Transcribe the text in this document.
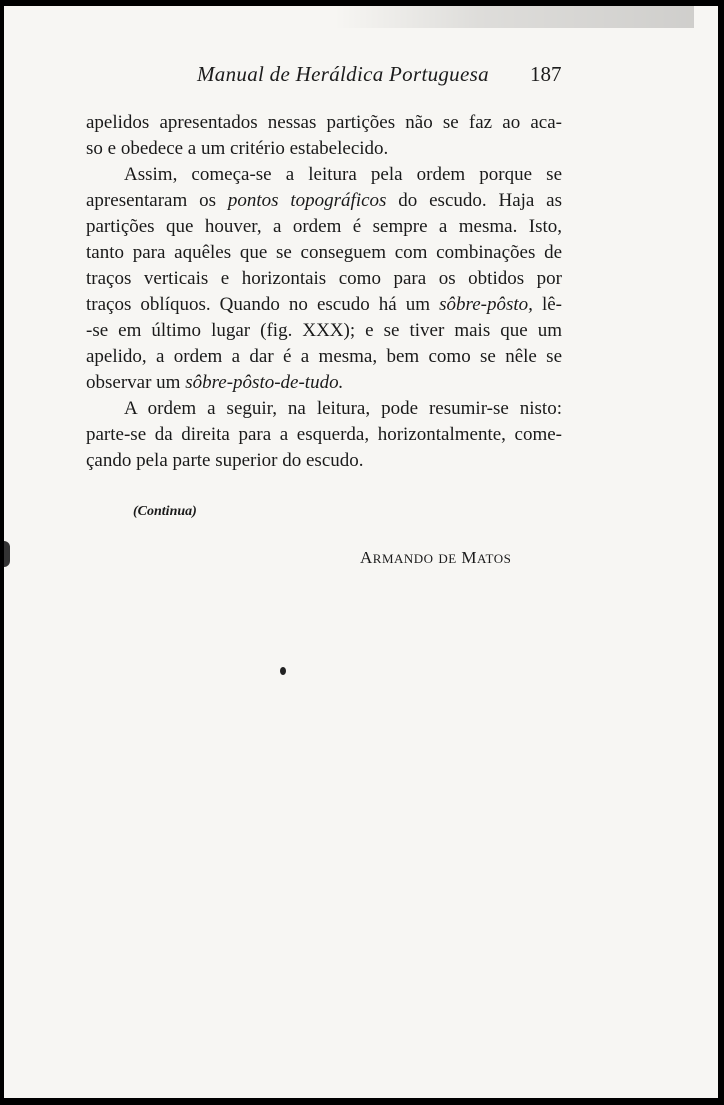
Manual de Heráldica Portuguesa 187
apelidos apresentados nessas partições não se faz ao aca-
so e obedece a um critério estabelecido.
Assim, começa-se a leitura pela ordem porque se
apresentaram os pontos topográficos do escudo. Haja as
partições que houver, a ordem é sempre a mesma. Isto,
tanto para aquêles que se conseguem com combinações de
traços verticais e horizontais como para os obtidos por
traços oblíquos. Quando no escudo há um sôbre-pôsto, lê-
-se em último lugar (fig. XXX); e se tiver mais que um
apelido, a ordem a dar é a mesma, bem como se nêle se
observar um sôbre-pôsto-de-tudo.
A ordem a seguir, na leitura, pode resumir-se nisto:
parte-se da direita para a esquerda, horizontalmente, come-
çando pela parte superior do escudo.
(Continua)
ARMANDO DE MATOS
